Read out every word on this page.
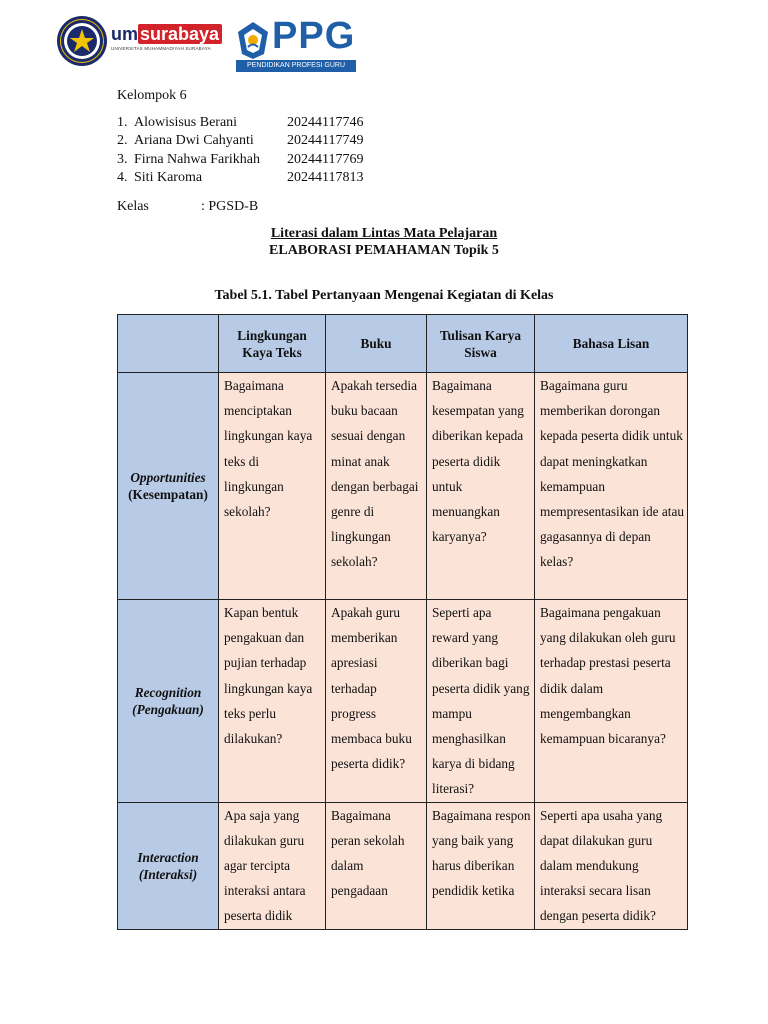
um surabaya
UNIVERSITAS MUHAMMADIYAH SURABAYA PPG
PENDIDIKAN PROFESI GURU
Kelompok 6
1. Alowisisus Berani	20244117746
2. Ariana Dwi Cahyanti 20244117749
3. Firna Nahwa Farikhah 20244117769
4. Siti Karoma	20244117813
Kelas	: PGSD-B
Literasi dalam Lintas Mata Pelajaran
ELABORASI PEMAHAMAN Topik 5
Tabel 5.1. Tabel Pertanyaan Mengenai Kegiatan di Kelas
	Lingkungan Kaya Teks	Buku	Tulisan Karya Siswa	Bahasa Lisan

Opportunities
(Kesempatan)	Bagaimana menciptakan lingkungan kaya teks di lingkungan sekolah?	Apakah tersedia buku bacaan sesuai dengan minat anak dengan berbagai genre di lingkungan sekolah?	Bagaimana kesempatan yang diberikan kepada peserta didik untuk menuangkan karyanya?	Bagaimana guru memberikan dorongan kepada peserta didik untuk dapat meningkatkan kemampuan mempresentasikan ide atau gagasannya di depan kelas?

Recognition
(Pengakuan)	Kapan bentuk pengakuan dan pujian terhadap lingkungan kaya teks perlu dilakukan?	Apakah guru memberikan apresiasi terhadap progress membaca buku peserta didik?	Seperti apa reward yang diberikan bagi peserta didik yang mampu menghasilkan karya di bidang literasi?	Bagaimana pengakuan yang dilakukan oleh guru terhadap prestasi peserta didik dalam mengembangkan kemampuan bicaranya?

Interaction
(Interaksi)	Apa saja yang dilakukan guru agar tercipta interaksi antara peserta didik	Bagaimana peran sekolah dalam pengadaan	Bagaimana respon yang baik yang harus diberikan pendidik ketika	Seperti apa usaha yang dapat dilakukan guru dalam mendukung interaksi secara lisan dengan peserta didik?
